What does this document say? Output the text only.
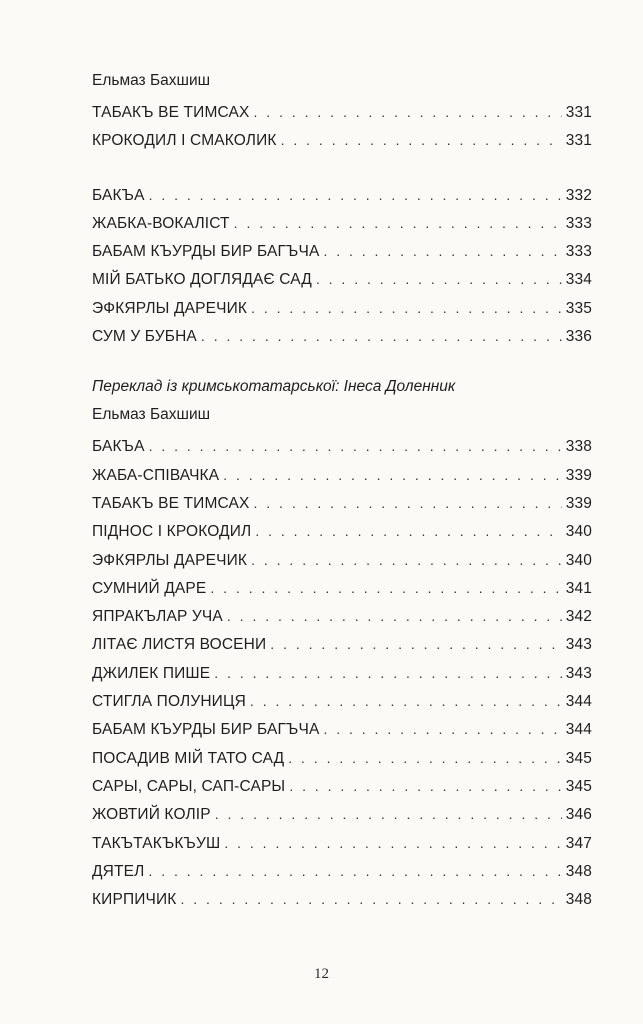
Ельмаз Бахшиш
ТАБАКЪ ВЕ ТИМСАХ . . .	331
КРОКОДИЛ І СМАКОЛИК . . .	331
БАКЪА . . .	332
ЖАБКА-ВОКАЛІСТ . . .	333
БАБАМ КЪУРДЫ БИР БАГЪЧА . . .	333
МІЙ БАТЬКО ДОГЛЯДАЄ САД . . .	334
ЭФКЯРЛЫ ДАРЕЧИК . . .	335
СУМ У БУБНА . . .	336
Переклад із кримськотатарської: Інеса Доленник
Ельмаз Бахшиш
БАКЪА . . .	338
ЖАБА-СПІВАЧКА . . .	339
ТАБАКЪ ВЕ ТИМСАХ . . .	339
ПІДНОС І КРОКОДИЛ . . .	340
ЭФКЯРЛЫ ДАРЕЧИК . . .	340
СУМНИЙ ДАРЕ . . .	341
ЯПРАКЪЛАР УЧА . . .	342
ЛІТАЄ ЛИСТЯ ВОСЕНИ . . .	343
ДЖИЛЕК ПИШЕ . . .	343
СТИГЛА ПОЛУНИЦЯ . . .	344
БАБАМ КЪУРДЫ БИР БАГЪЧА . . .	344
ПОСАДИВ МІЙ ТАТО САД . . .	345
САРЫ, САРЫ, САП-САРЫ . . .	345
ЖОВТИЙ КОЛІР . . .	346
ТАКЪТАКЪКЪУШ . . .	347
ДЯТЕЛ . . .	348
КИРПИЧИК . . .	348
12
